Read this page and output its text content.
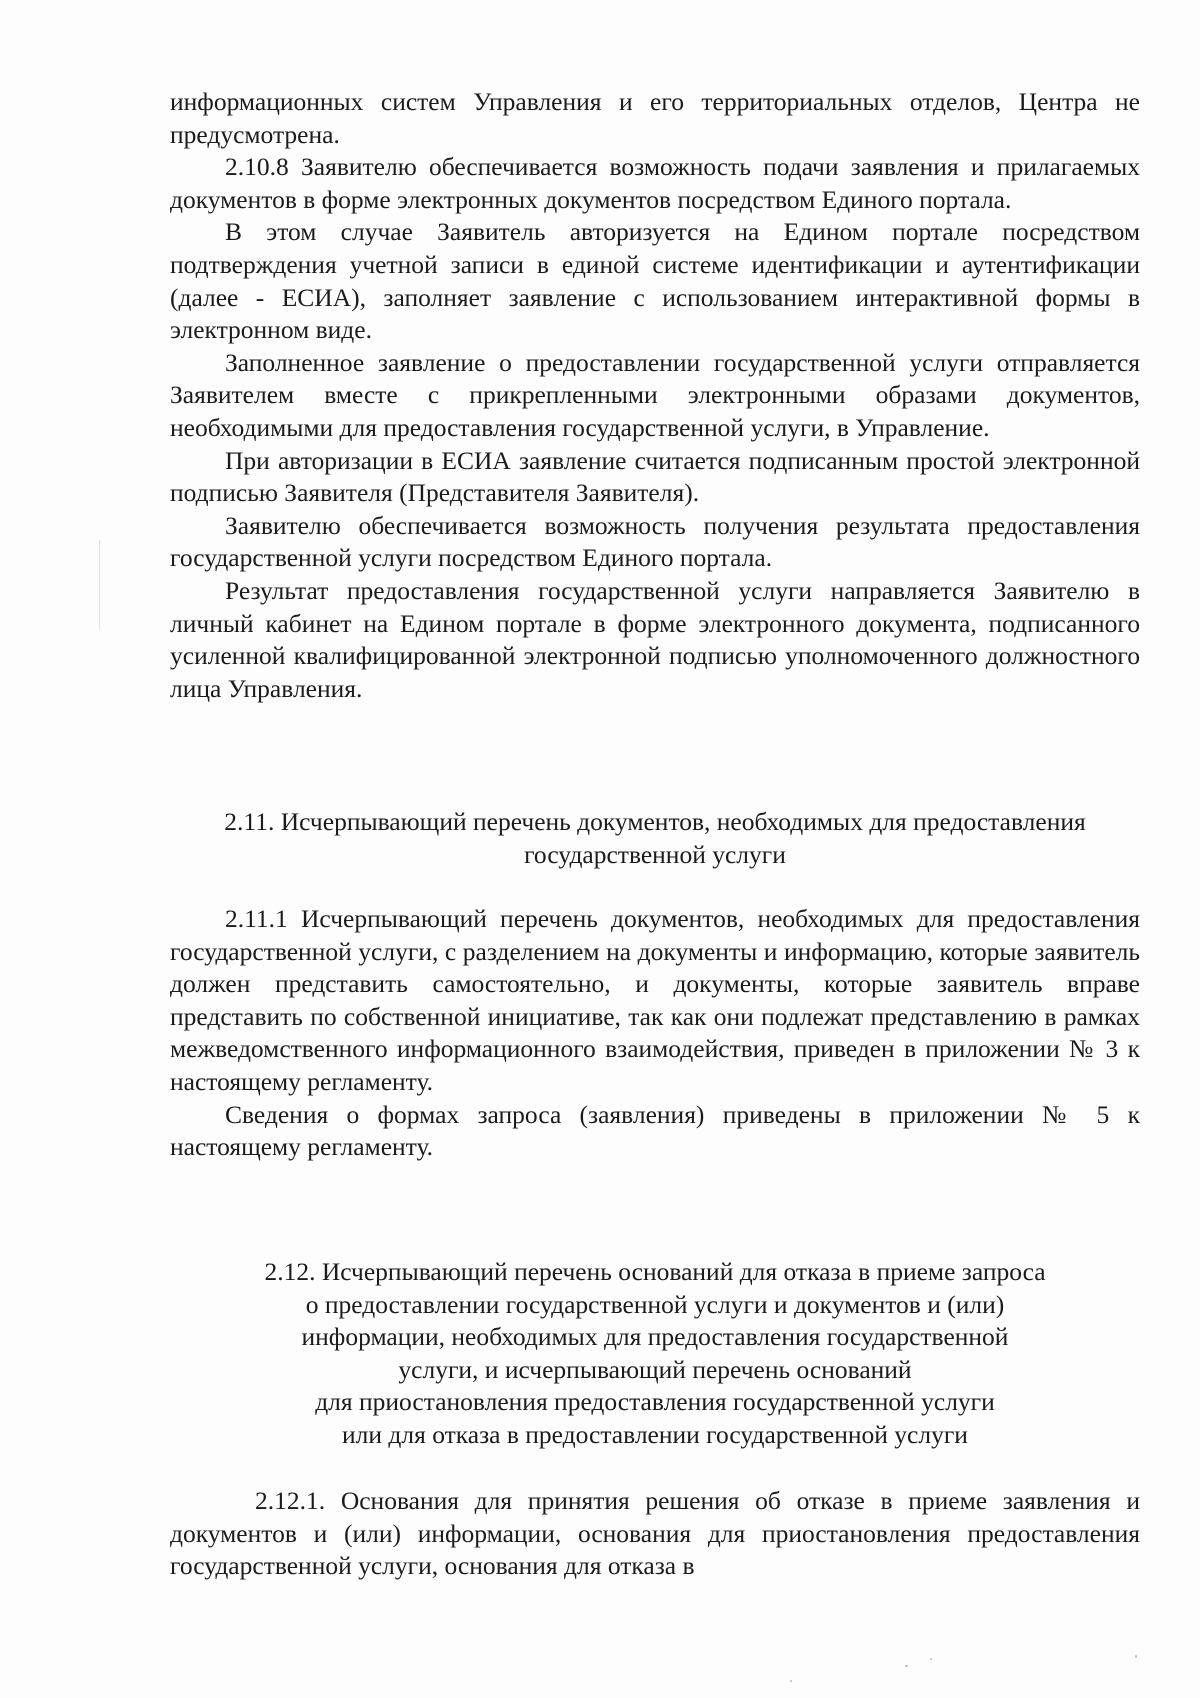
информационных систем Управления и его территориальных отделов, Центра не предусмотрена.

2.10.8 Заявителю обеспечивается возможность подачи заявления и прилагаемых документов в форме электронных документов посредством Единого портала.

В этом случае Заявитель авторизуется на Едином портале посредством подтверждения учетной записи в единой системе идентификации и аутентификации (далее - ЕСИА), заполняет заявление с использованием интерактивной формы в электронном виде.

Заполненное заявление о предоставлении государственной услуги отправляется Заявителем вместе с прикрепленными электронными образами документов, необходимыми для предоставления государственной услуги, в Управление.

При авторизации в ЕСИА заявление считается подписанным простой электронной подписью Заявителя (Представителя Заявителя).

Заявителю обеспечивается возможность получения результата предоставления государственной услуги посредством Единого портала.

Результат предоставления государственной услуги направляется Заявителю в личный кабинет на Едином портале в форме электронного документа, подписанного усиленной квалифицированной электронной подписью уполномоченного должностного лица Управления.

2.11. Исчерпывающий перечень документов, необходимых для предоставления
государственной услуги

2.11.1 Исчерпывающий перечень документов, необходимых для предоставления государственной услуги, с разделением на документы и информацию, которые заявитель должен представить самостоятельно, и документы, которые заявитель вправе представить по собственной инициативе, так как они подлежат представлению в рамках межведомственного информационного взаимодействия, приведен в приложении № 3 к настоящему регламенту.

Сведения о формах запроса (заявления) приведены в приложении № 5 к настоящему регламенту.

2.12. Исчерпывающий перечень оснований для отказа в приеме запроса
о предоставлении государственной услуги и документов и (или)
информации, необходимых для предоставления государственной
услуги, и исчерпывающий перечень оснований
для приостановления предоставления государственной услуги
или для отказа в предоставлении государственной услуги

2.12.1. Основания для принятия решения об отказе в приеме заявления и документов и (или) информации, основания для приостановления предоставления государственной услуги, основания для отказа в
